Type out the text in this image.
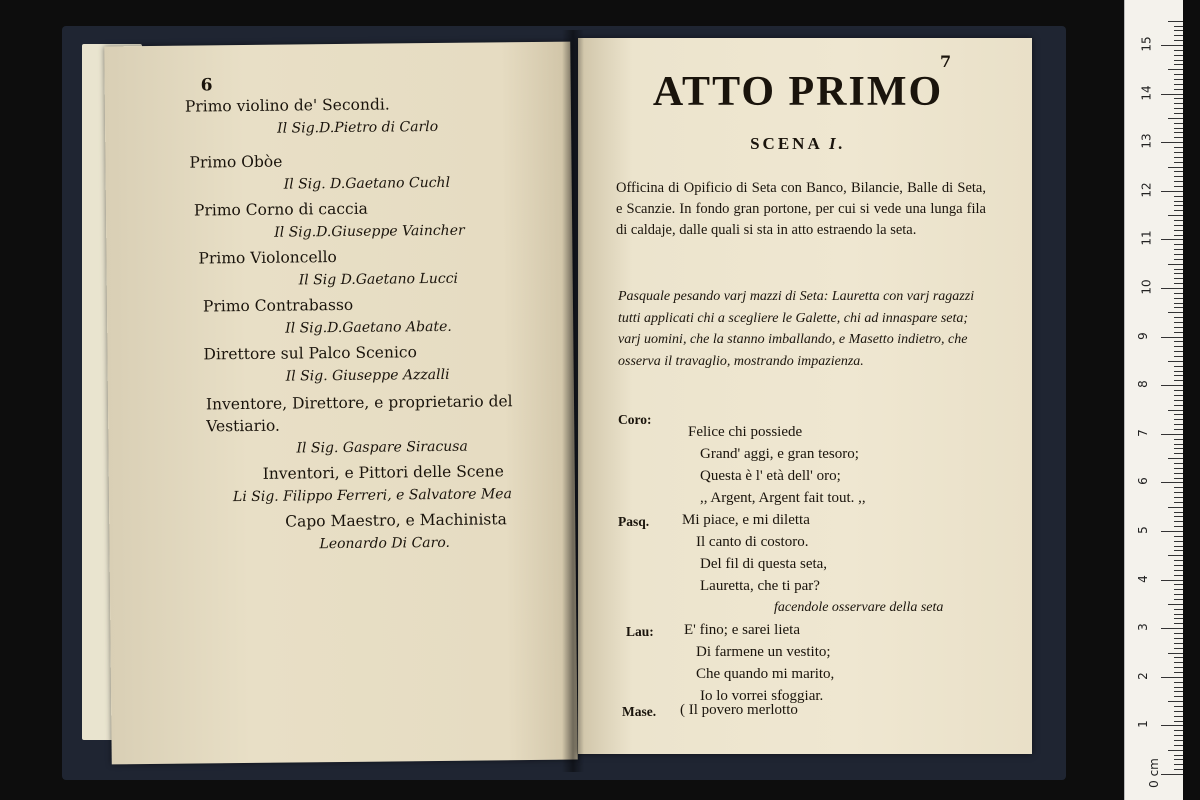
6
Primo violino de' Secondi.
Il Sig.D.Pietro di Carlo
Primo Obòe
Il Sig. D.Gaetano Cuchl
Primo Corno di caccia
Il Sig.D.Giuseppe Vaincher
Primo Violoncello
Il Sig D.Gaetano Lucci
Primo Contrabasso
Il Sig.D.Gaetano Abate.
Direttore sul Palco Scenico
Il Sig. Giuseppe Azzalli
Inventore, Direttore, e proprietario del Vestiario.
Il Sig. Gaspare Siracusa
Inventori, e Pittori delle Scene
Li Sig. Filippo Ferreri, e Salvatore Mea
Capo Maestro, e Machinista
Leonardo Di Caro.
7
ATTO PRIMO
SCENA I.
Officina di Opificio di Seta con Banco, Bilancie, Balle di Seta, e Scanzie. In fondo gran portone, per cui si vede una lunga fila di caldaje, dalle quali si sta in atto estraendo la seta.
Pasquale pesando varj mazzi di Seta: Lauretta con varj ragazzi tutti applicati chi a scegliere le Galette, chi ad innaspare seta; varj uomini, che la stanno imballando, e Masetto indietro, che osserva il travaglio, mostrando impazienza.
Coro:
Felice chi possiede
Grand' aggi, e gran tesoro;
Questa è l' età dell' oro;
,, Argent, Argent fait tout. ,,
Pasq. Mi piace, e mi diletta
Il canto di costoro.
Del fil di questa seta,
Lauretta, che ti par?
facendole osservare della seta
Lau: E' fino; e sarei lieta
Di farmene un vestito;
Che quando mi marito,
Io lo vorrei sfoggiar.
Mase. ( Il povero merlotto
0 cm
1
2
3
4
5
6
7
8
9
10
11
12
13
14
15
